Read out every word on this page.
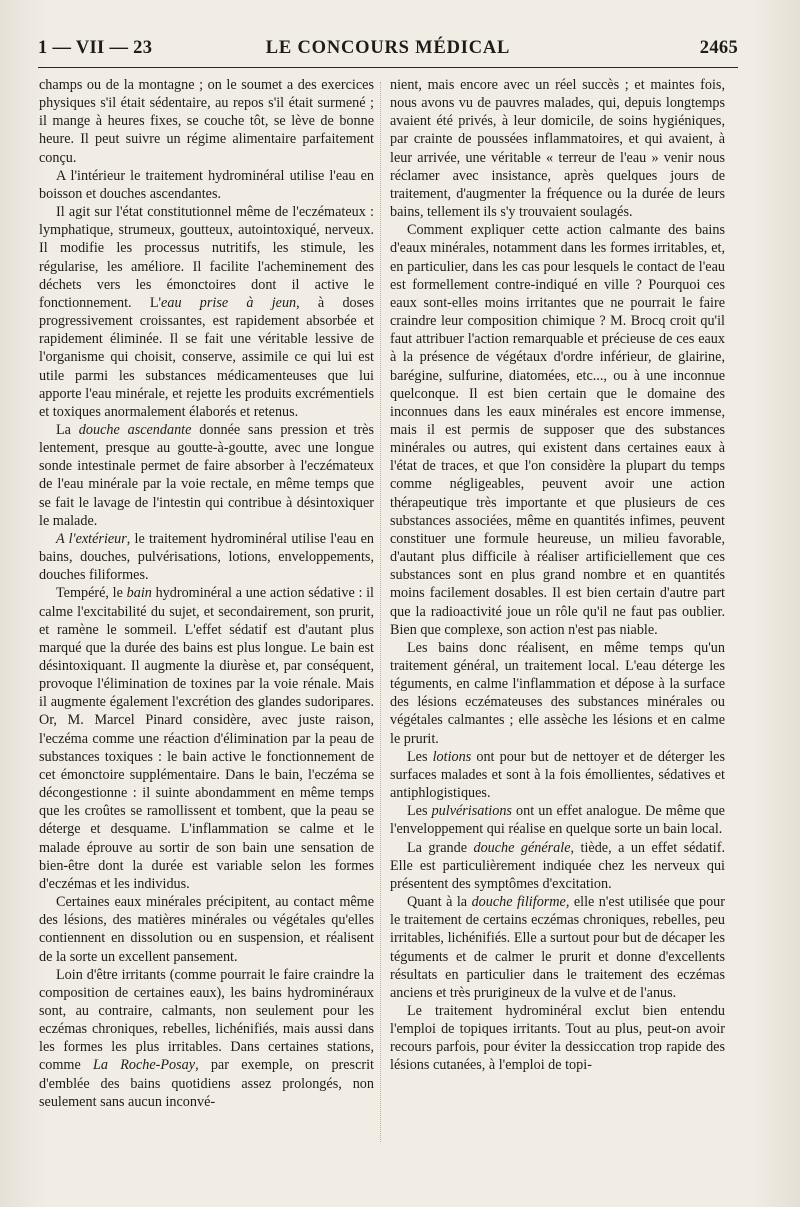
1 — VII — 23	LE CONCOURS MÉDICAL	2465

champs ou de la montagne ; on le soumet a des exercices physiques s'il était sédentaire, au repos s'il était surmené ; il mange à heures fixes, se couche tôt, se lève de bonne heure. Il peut suivre un régime alimentaire parfaitement conçu.

A l'intérieur le traitement hydrominéral utilise l'eau en boisson et douches ascendantes.

Il agit sur l'état constitutionnel même de l'eczémateux : lymphatique, strumeux, goutteux, autointoxiqué, nerveux. Il modifie les processus nutritifs, les stimule, les régularise, les améliore. Il facilite l'acheminement des déchets vers les émonctoires dont il active le fonctionnement. L'eau prise à jeun, à doses progressivement croissantes, est rapidement absorbée et rapidement éliminée. Il se fait une véritable lessive de l'organisme qui choisit, conserve, assimile ce qui lui est utile parmi les substances médicamenteuses que lui apporte l'eau minérale, et rejette les produits excrémentiels et toxiques anormalement élaborés et retenus.

La douche ascendante donnée sans pression et très lentement, presque au goutte-à-goutte, avec une longue sonde intestinale permet de faire absorber à l'eczémateux de l'eau minérale par la voie rectale, en même temps que se fait le lavage de l'intestin qui contribue à désintoxiquer le malade.

A l'extérieur, le traitement hydrominéral utilise l'eau en bains, douches, pulvérisations, lotions, enveloppements, douches filiformes.

Tempéré, le bain hydrominéral a une action sédative : il calme l'excitabilité du sujet, et secondairement, son prurit, et ramène le sommeil. L'effet sédatif est d'autant plus marqué que la durée des bains est plus longue. Le bain est désintoxiquant. Il augmente la diurèse et, par conséquent, provoque l'élimination de toxines par la voie rénale. Mais il augmente également l'excrétion des glandes sudoripares. Or, M. Marcel Pinard considère, avec juste raison, l'eczéma comme une réaction d'élimination par la peau de substances toxiques : le bain active le fonctionnement de cet émonctoire supplémentaire. Dans le bain, l'eczéma se décongestionne : il suinte abondamment en même temps que les croûtes se ramollissent et tombent, que la peau se déterge et desquame. L'inflammation se calme et le malade éprouve au sortir de son bain une sensation de bien-être dont la durée est variable selon les formes d'eczémas et les individus.

Certaines eaux minérales précipitent, au contact même des lésions, des matières minérales ou végétales qu'elles contiennent en dissolution ou en suspension, et réalisent de la sorte un excellent pansement.

Loin d'être irritants (comme pourrait le faire craindre la composition de certaines eaux), les bains hydrominéraux sont, au contraire, calmants, non seulement pour les eczémas chroniques, rebelles, lichénifiés, mais aussi dans les formes les plus irritables. Dans certaines stations, comme La Roche-Posay, par exemple, on prescrit d'emblée des bains quotidiens assez prolongés, non seulement sans aucun inconvé-

nient, mais encore avec un réel succès ; et maintes fois, nous avons vu de pauvres malades, qui, depuis longtemps avaient été privés, à leur domicile, de soins hygiéniques, par crainte de poussées inflammatoires, et qui avaient, à leur arrivée, une véritable « terreur de l'eau » venir nous réclamer avec insistance, après quelques jours de traitement, d'augmenter la fréquence ou la durée de leurs bains, tellement ils s'y trouvaient soulagés.

Comment expliquer cette action calmante des bains d'eaux minérales, notamment dans les formes irritables, et, en particulier, dans les cas pour lesquels le contact de l'eau est formellement contre-indiqué en ville ? Pourquoi ces eaux sont-elles moins irritantes que ne pourrait le faire craindre leur composition chimique ? M. Brocq croit qu'il faut attribuer l'action remarquable et précieuse de ces eaux à la présence de végétaux d'ordre inférieur, de glairine, barégine, sulfurine, diatomées, etc..., ou à une inconnue quelconque. Il est bien certain que le domaine des inconnues dans les eaux minérales est encore immense, mais il est permis de supposer que des substances minérales ou autres, qui existent dans certaines eaux à l'état de traces, et que l'on considère la plupart du temps comme négligeables, peuvent avoir une action thérapeutique très importante et que plusieurs de ces substances associées, même en quantités infimes, peuvent constituer une formule heureuse, un milieu favorable, d'autant plus difficile à réaliser artificiellement que ces substances sont en plus grand nombre et en quantités moins facilement dosables. Il est bien certain d'autre part que la radioactivité joue un rôle qu'il ne faut pas oublier. Bien que complexe, son action n'est pas niable.

Les bains donc réalisent, en même temps qu'un traitement général, un traitement local. L'eau déterge les téguments, en calme l'inflammation et dépose à la surface des lésions eczémateuses des substances minérales ou végétales calmantes ; elle assèche les lésions et en calme le prurit.

Les lotions ont pour but de nettoyer et de déterger les surfaces malades et sont à la fois émollientes, sédatives et antiphlogistiques.

Les pulvérisations ont un effet analogue. De même que l'enveloppement qui réalise en quelque sorte un bain local.

La grande douche générale, tiède, a un effet sédatif. Elle est particulièrement indiquée chez les nerveux qui présentent des symptômes d'excitation.

Quant à la douche filiforme, elle n'est utilisée que pour le traitement de certains eczémas chroniques, rebelles, peu irritables, lichénifiés. Elle a surtout pour but de décaper les téguments et de calmer le prurit et donne d'excellents résultats en particulier dans le traitement des eczémas anciens et très prurigineux de la vulve et de l'anus.

Le traitement hydrominéral exclut bien entendu l'emploi de topiques irritants. Tout au plus, peut-on avoir recours parfois, pour éviter la dessiccation trop rapide des lésions cutanées, à l'emploi de topi-
